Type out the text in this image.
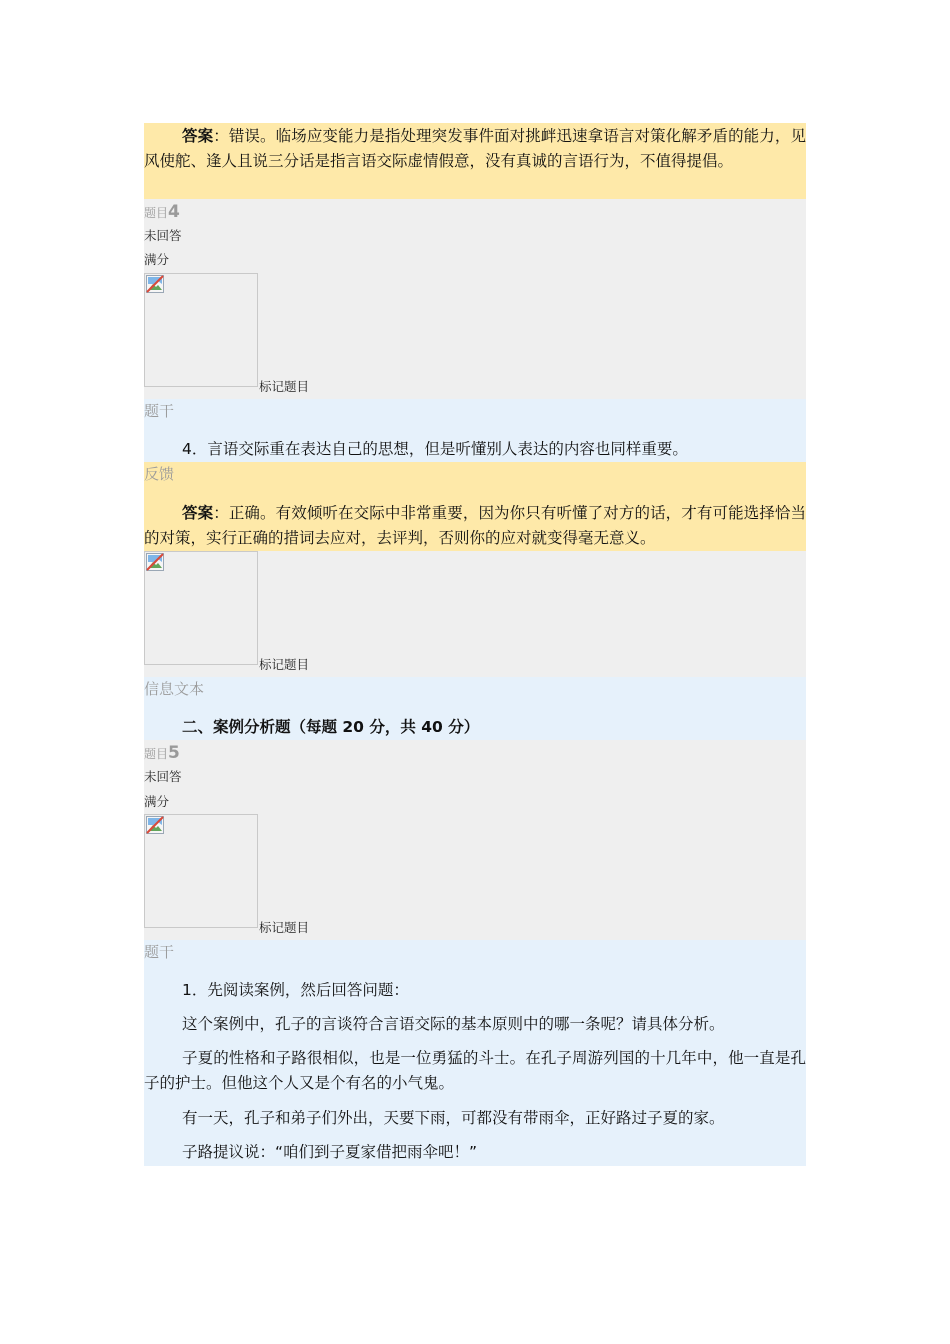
答案：错误。临场应变能力是指处理突发事件面对挑衅迅速拿语言对策化解矛盾的能力，见风使舵、逢人且说三分话是指言语交际虚情假意，没有真诚的言语行为，不值得提倡。

题目4
未回答
满分
标记题目
题干

4．言语交际重在表达自己的思想，但是听懂别人表达的内容也同样重要。

反馈

答案：正确。有效倾听在交际中非常重要，因为你只有听懂了对方的话，才有可能选择恰当的对策，实行正确的措词去应对，去评判，否则你的应对就变得毫无意义。

标记题目
信息文本

二、案例分析题（每题 20 分，共 40 分）

题目5
未回答
满分
标记题目
题干

1．先阅读案例，然后回答问题：

这个案例中，孔子的言谈符合言语交际的基本原则中的哪一条呢？请具体分析。

子夏的性格和子路很相似，也是一位勇猛的斗士。在孔子周游列国的十几年中，他一直是孔子的护士。但他这个人又是个有名的小气鬼。

有一天，孔子和弟子们外出，天要下雨，可都没有带雨伞，正好路过子夏的家。

子路提议说：“咱们到子夏家借把雨伞吧！”
